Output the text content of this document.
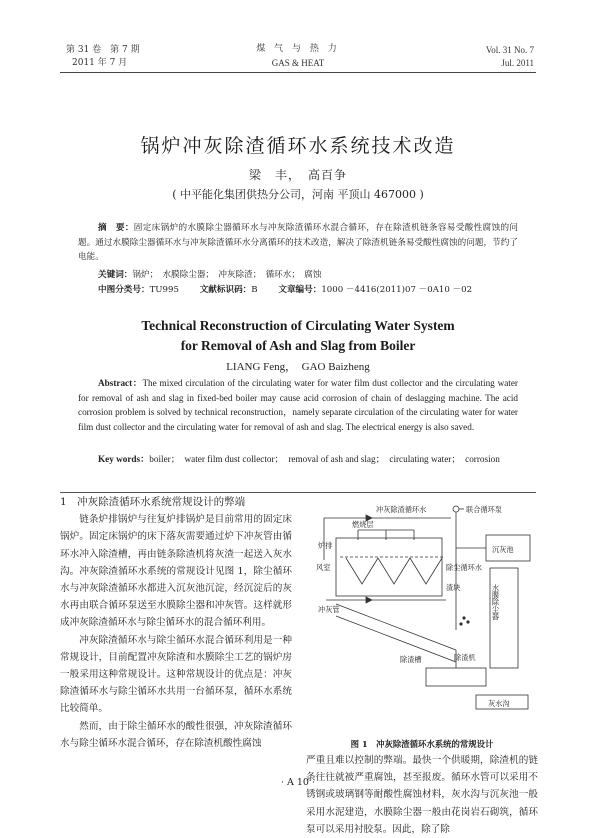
第 31 卷　第 7 期
2011 年 7 月
煤 气 与 热 力
GAS & HEAT
Vol. 31 No. 7
Jul. 2011
锅炉冲灰除渣循环水系统技术改造
梁　丰，　高百争
( 中平能化集团供热分公司，河南 平顶山 467000 )
摘　要：固定床锅炉的水膜除尘器循环水与冲灰除渣循环水混合循环，存在除渣机链条容易受酸性腐蚀的问题。通过水膜除尘器循环水与冲灰除渣循环水分离循环的技术改造，解决了除渣机链条易受酸性腐蚀的问题，节约了电能。
关键词：锅炉；　水膜除尘器；　冲灰除渣；　循环水；　腐蚀
中图分类号：TU995 文献标识码：B 文章编号：1000 －4416(2011)07 －0A10 －02
Technical Reconstruction of Circulating Water System
for Removal of Ash and Slag from Boiler
LIANG Feng，　GAO Baizheng
Abstract：The mixed circulation of the circulating water for water film dust collector and the circulating water for removal of ash and slag in fixed-bed boiler may cause acid corrosion of chain of deslagging machine. The acid corrosion problem is solved by technical reconstruction，namely separate circulation of the circulating water for water film dust collector and the circulating water for removal of ash and slag. The electrical energy is also saved.
Key words：boiler；　water film dust collector；　removal of ash and slag；　circulating water；　corrosion

1　冲灰除渣循环水系统常规设计的弊端

链条炉排锅炉与往复炉排锅炉是目前常用的固定床锅炉。固定床锅炉的床下落灰需要通过炉下冲灰管由循环水冲入除渣槽，再由链条除渣机将灰渣一起送入灰水沟。冲灰除渣循环水系统的常规设计见图 1，除尘循环水与冲灰除渣循环水都进入沉灰池沉淀，经沉淀后的灰水再由联合循环泵送至水膜除尘器和冲灰管。这样就形成冲灰除渣循环水与除尘循环水的混合循环利用。

冲灰除渣循环水与除尘循环水混合循环利用是一种常规设计，目前配置冲灰除渣和水膜除尘工艺的锅炉房一般采用这种常规设计。这种常规设计的优点是：冲灰除渣循环水与除尘循环水共用一台循环泵，循环水系统比较简单。

然而，由于除尘循环水的酸性很强，冲灰除渣循环水与除尘循环水混合循环，存在除渣机酸性腐蚀

冲灰除渣循环水	联合循环泵
沉灰池
燃烧层
炉排
除尘循环水
风室
渣块
冲灰管
除渣槽	除渣机
灰水沟
水膜除尘器
图 1　冲灰除渣循环水系统的常规设计

严重且难以控制的弊端。最快一个供暖期，除渣机的链条往往就被严重腐蚀，甚至报废。循环水管可以采用不锈钢或玻璃钢等耐酸性腐蚀材料，灰水沟与沉灰池一般采用水泥建造，水膜除尘器一般由花岗岩石砌筑，循环泵可以采用衬胶泵。因此，除了除

· A 10 ·
